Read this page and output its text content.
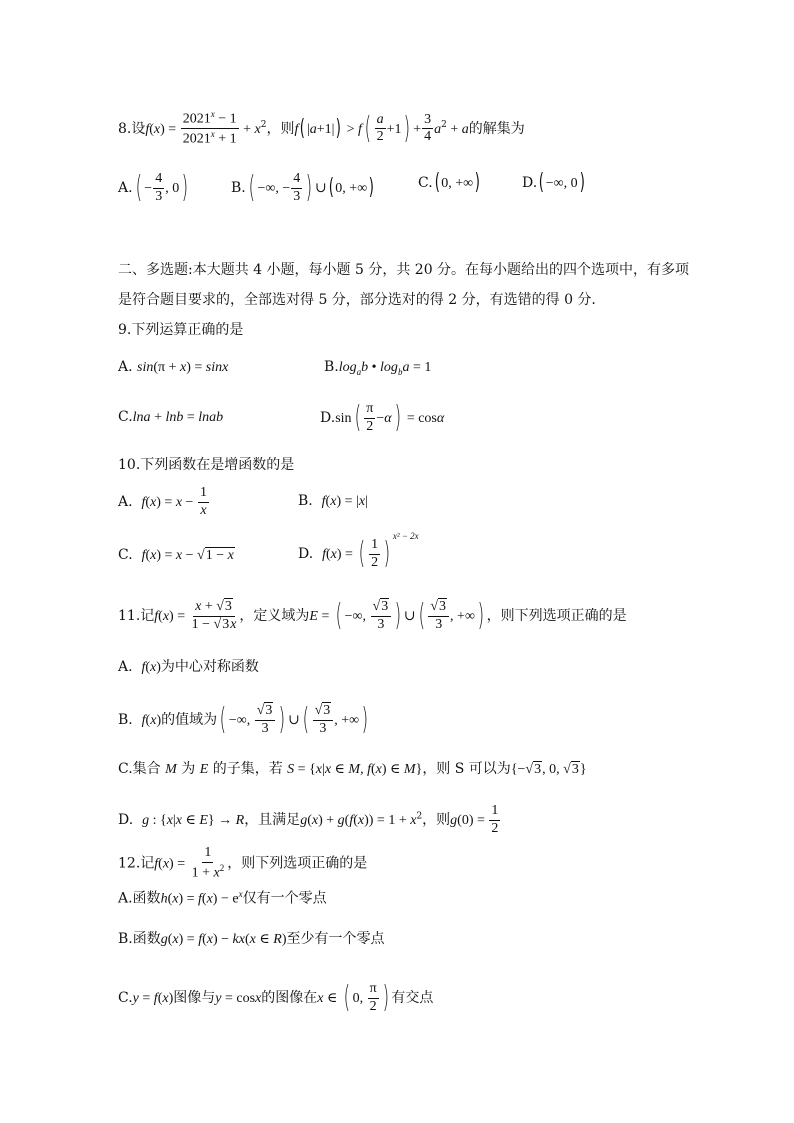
8.设$f(x) = \frac{2021^x - 1}{2021^x + 1} + x^2$，则f( $|a+1|) > f( \frac{a}{2} +1) + \frac{3}{4} a^2 + a$的解集为
$A.( - \frac{4}{3}$ , 0)	B.( −∞, − $\frac{4}{3}$ ) ∪( 0, +∞)	C.( 0, +∞)	D.( −∞, 0)
二、多选题:本大题共 4 小题，每小题 5 分，共 20 分。在每小题给出的四个选项中，有多项
是符合题目要求的，全部选对得 5 分，部分选对的得 2 分，有选错的得 0 分.
9.下列运算正确的是
A. sin(π + x) = sinx	$B.\log_ab$ • $\log_ba = 1$
C.lna + lnb = lnab	$D.\sin( \frac{\pi}{2} -\alpha) = \cos\alpha$
10.下列函数在是增函数的是
A. $f(x) = x - \frac{1}{x}$	B. f(x) = |x|
C. f(x) = x − √1 − x	D. f(x) = ( $\frac{1}{2} )^{x^2 - 2x}$
11.记$f(x) = \frac{x + √3}{1 - √3x}$ ，定义域为E = ( −∞, $\frac{√3}{3}$ ) ∪( $\frac{√3}{3}$ , +∞) ，则下列选项正确的是
A. f(x)为中心对称函数
B. f(x)的值域为( −∞, $\frac{√3}{3}$ ) ∪( $\frac{√3}{3}$ , +∞)
C.集合 M 为 E 的子集，若 S = {x|x ∈ M, f(x) ∈ M}，则 S 可以为{−√3, 0, √3}
D. g : {x|x ∈ E} → R，且满足$g(x) + g(f(x)) = 1 + x^2$，则$g(0) = \frac{1}{2}$
12.记$f(x) = \frac{1}{1 + x^2}$ ，则下列选项正确的是
A.函数$h(x) = f(x) - e^x$仅有一个零点
B.函数g(x) = f(x) − kx(x ∈ R)至少有一个零点
C.y = f(x)图像与y = cosx的图像在x ∈ ( 0, $\frac{\pi}{2}$ ) 有交点
